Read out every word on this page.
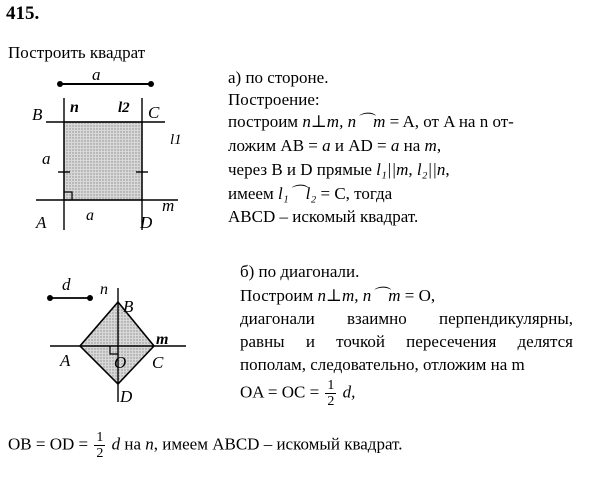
415.
Построить квадрат
a
n	l2
B	C
l1
a
A a	D
m
а) по стороне.
Построение:
построим n⊥m, n⌒m = A, от A на n от-
ложим AB = a и AD = a на m,
через B и D прямые l₁||m, l₂||n,
имеем l₁⌒l₂ = C, тогда
ABCD – искомый квадрат.
d n
B
m
A	O C
D
б) по диагонали.
Построим n⊥m, n⌒m = O,
диагонали взаимно перпендикулярны,
равны и точкой пересечения делятся
пополам, следовательно, отложим на m
OA = OC = $\frac{1}{2} d$,
OB = OD = $\frac{1}{2}$ d на n, имеем ABCD – искомый квадрат.
